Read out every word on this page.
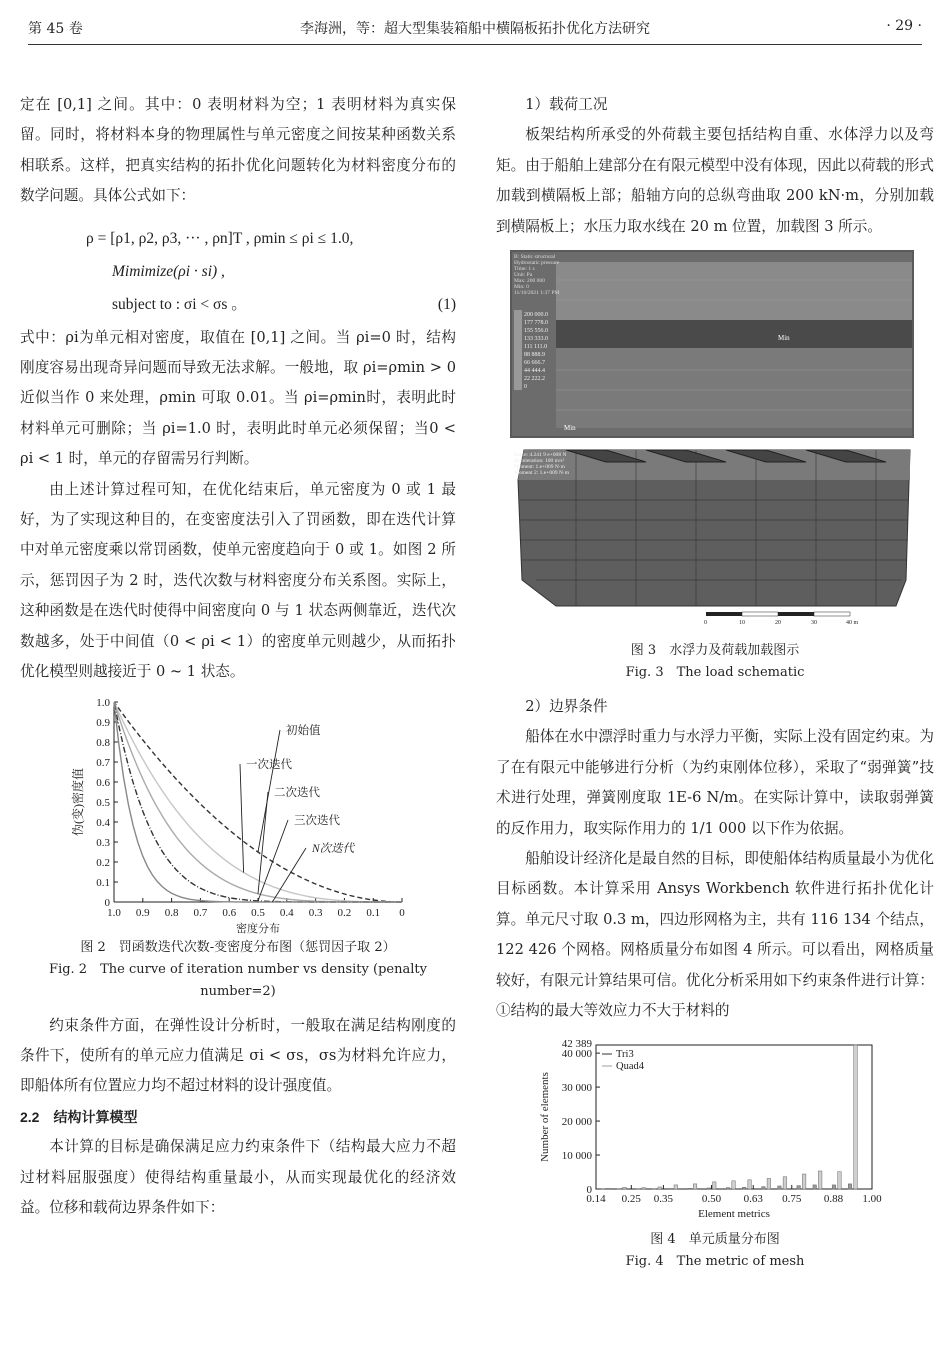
第 45 卷	李海洲，等：超大型集装箱船中横隔板拓扑优化方法研究	· 29 ·

定在 [0,1] 之间。其中：0 表明材料为空；1 表明材料为真实保留。同时，将材料本身的物理属性与单元密度之间按某种函数关系相联系。这样，把真实结构的拓扑优化问题转化为材料密度分布的数学问题。具体公式如下：

ρ = [ρ1, ρ2, ρ3, ··· , ρn]T , ρmin ≤ ρi ≤ 1.0,
Mimimize(ρi · si) ,
subject to : σi < σs 。	(1)

式中：ρi为单元相对密度，取值在 [0,1] 之间。当 ρi=0 时，结构刚度容易出现奇异问题而导致无法求解。一般地，取 ρi=ρmin > 0近似当作 0 来处理，ρmin 可取 0.01。当 ρi=ρmin时，表明此时材料单元可删除；当 ρi=1.0 时，表明此时单元必须保留；当0 < ρi < 1 时，单元的存留需另行判断。

由上述计算过程可知，在优化结束后，单元密度为 0 或 1 最好，为了实现这种目的，在变密度法引入了罚函数，即在迭代计算中对单元密度乘以常罚函数，使单元密度趋向于 0 或 1。如图 2 所示，惩罚因子为 2 时，迭代次数与材料密度分布关系图。实际上，这种函数是在迭代时使得中间密度向 0 与 1 状态两侧靠近，迭代次数越多，处于中间值（0 < ρi < 1）的密度单元则越少，从而拓扑优化模型则越接近于 0 ~ 1 状态。

0
0.1
0.2
0.3
0.4
0.5
0.6
0.7
0.8
0.9
1.0
1.0 0.9 0.8 0.7 0.6 0.5 0.4 0.3 0.2 0.1 0
密度分布
伪(变)密度值
初始值
一次迭代
二次迭代
三次迭代
N次迭代
图 2　罚函数迭代次数-变密度分布图（惩罚因子取 2）
Fig. 2　The curve of iteration number vs density (penalty number=2)

约束条件方面，在弹性设计分析时，一般取在满足结构刚度的条件下，使所有的单元应力值满足 σi < σs，σs为材料允许应力，即船体所有位置应力均不超过材料的设计强度值。

2.2　结构计算模型

本计算的目标是确保满足应力约束条件下（结构最大应力不超过材料屈服强度）使得结构重量最小，从而实现最优化的经济效益。位移和载荷边界条件如下：

1）载荷工况

板架结构所承受的外荷载主要包括结构自重、水体浮力以及弯矩。由于船舶上建部分在有限元模型中没有体现，因此以荷载的形式加载到横隔板上部；船轴方向的总纵弯曲取 200 kN·m，分别加载到横隔板上；水压力取水线在 20 m 位置，加载图 3 所示。

B: Static structural
Hydrostatic pressure
Time: 1 s
Unit: Pa
Max: 200 000
Min: 0
11/10/2021 1:37 PM
200 000.0
177 778.0
155 556.0
133 333.0
111 111.0
88 888.9
66 666.7
44 444.4
22 222.2
0
Min
Min
Force: 4.241 9 e+008 N
Acceleration: 100 m/s²
Moment: 1.e+009 N·m
Moment 2: 1.e+009 N·m
0	10	20	30	40 m
图 3　水浮力及荷载加载图示
Fig. 3　The load schematic
2）边界条件

船体在水中漂浮时重力与水浮力平衡，实际上没有固定约束。为了在有限元中能够进行分析（为约束刚体位移），采取了“弱弹簧”技术进行处理，弹簧刚度取 1E-6 N/m。在实际计算中，读取弱弹簧的反作用力，取实际作用力的 1/1 000 以下作为依据。

船舶设计经济化是最自然的目标，即使船体结构质量最小为优化目标函数。本计算采用 Ansys Workbench 软件进行拓扑优化计算。单元尺寸取 0.3 m，四边形网格为主，共有 116 134 个结点，122 426 个网格。网格质量分布如图 4 所示。可以看出，网格质量较好，有限元计算结果可信。优化分析采用如下约束条件进行计算：①结构的最大等效应力不大于材料的

0
10 000
20 000
30 000
40 000
42 389
0.14 0.25 0.35	0.50 0.63 0.75 0.88 1.00
Element metrics
Number of elements
Tri3
Quad4
图 4　单元质量分布图
Fig. 4　The metric of mesh
